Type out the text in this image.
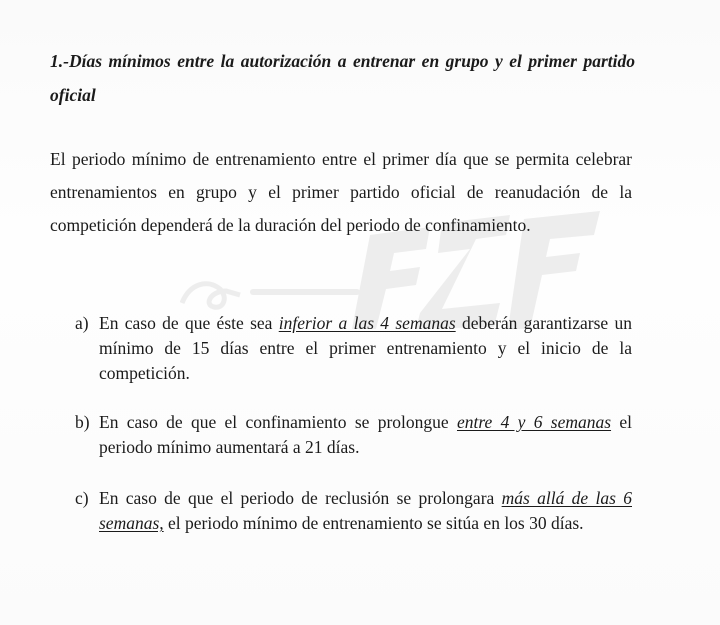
1.-Días mínimos entre la autorización a entrenar en grupo y el primer partido oficial
El periodo mínimo de entrenamiento entre el primer día que se permita celebrar entrenamientos en grupo y el primer partido oficial de reanudación de la competición dependerá de la duración del periodo de confinamiento.
a) En caso de que éste sea inferior a las 4 semanas deberán garantizarse un mínimo de 15 días entre el primer entrenamiento y el inicio de la competición.
b) En caso de que el confinamiento se prolongue entre 4 y 6 semanas el periodo mínimo aumentará a 21 días.
c) En caso de que el periodo de reclusión se prolongara más allá de las 6 semanas, el periodo mínimo de entrenamiento se sitúa en los 30 días.
